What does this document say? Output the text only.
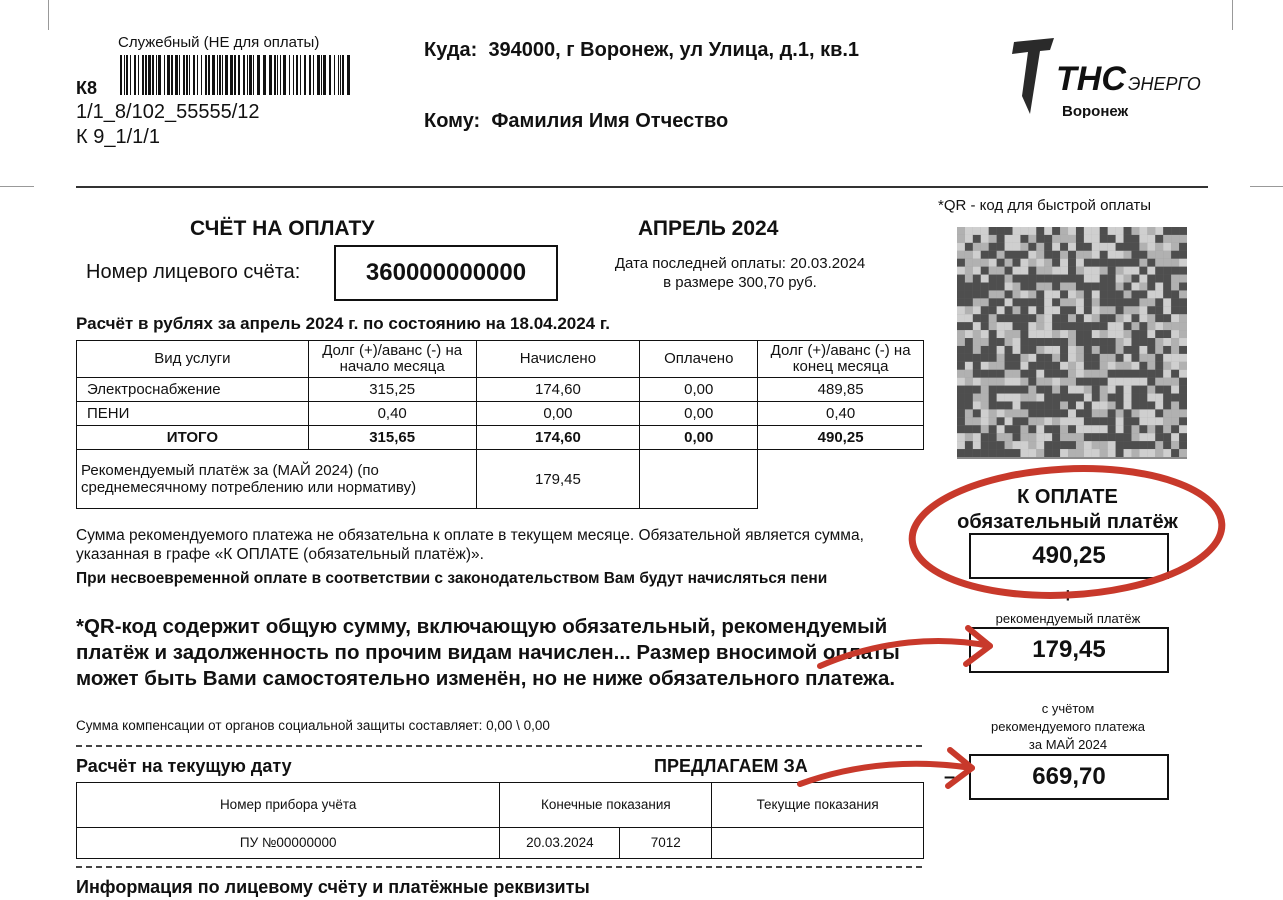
Служебный (НЕ для оплаты)
К8
1/1_8/102_55555/12
К 9_1/1/1
Куда: 394000, г Воронеж, ул Улица, д.1, кв.1
Кому: Фамилия Имя Отчество
ТНС ЭНЕРГО
Воронеж
СЧЁТ НА ОПЛАТУ	АПРЕЛЬ 2024
Номер лицевого счёта:	360000000000	Дата последней оплаты: 20.03.2024
в размере 300,70 руб.
Расчёт в рублях за апрель 2024 г. по состоянию на 18.04.2024 г.
Вид услуги	Долг (+)/аванс (-) на начало месяца	Начислено	Оплачено	Долг (+)/аванс (-) на конец месяца
Электроснабжение	315,25	174,60	0,00	489,85
ПЕНИ	0,40	0,00	0,00	0,40
ИТОГО	315,65	174,60	0,00	490,25
Рекомендуемый платёж за (МАЙ 2024) (по среднемесячному потреблению или нормативу)		179,45		
Сумма рекомендуемого платежа не обязательна к оплате в текущем месяце. Обязательной является сумма, указанная в графе «К ОПЛАТЕ (обязательный платёж)».
При несвоевременной оплате в соответствии с законодательством Вам будут начисляться пени
*QR-код содержит общую сумму, включающую обязательный, рекомендуемый платёж и задолженность по прочим видам начислен... Размер вносимой оплаты может быть Вами самостоятельно изменён, но не ниже обязательного платежа.
Сумма компенсации от органов социальной защиты составляет: 0,00 \ 0,00
Расчёт на текущую дату	ПРЕДЛАГАЕМ ЗА
Номер прибора учёта	Конечные показания		Текущие показания
ПУ №00000000	20.03.2024	7012	
Информация по лицевому счёту и платёжные реквизиты
*QR - код для быстрой оплаты
К ОПЛАТЕ
обязательный платёж
490,25
+
рекомендуемый платёж
179,45
с учётом
рекомендуемого платежа
за МАЙ 2024
–	669,70
